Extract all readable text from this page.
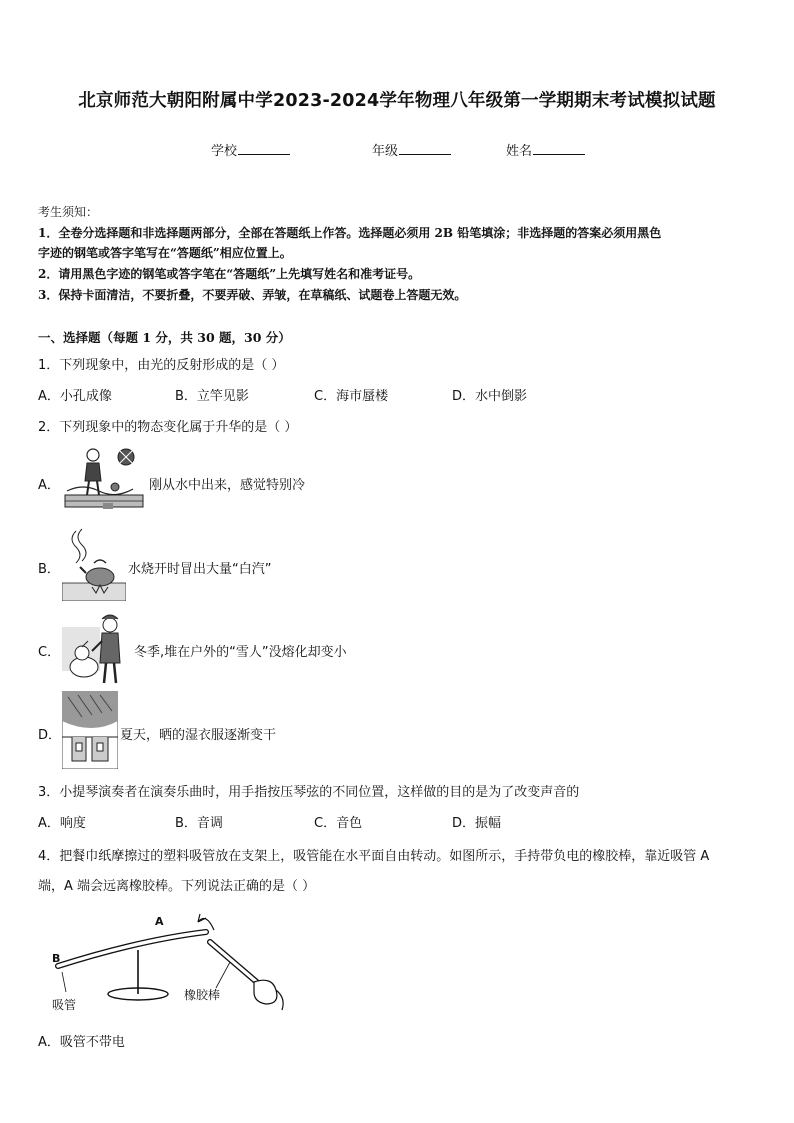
北京师范大朝阳附属中学2023-2024学年物理八年级第一学期期末考试模拟试题
学校	年级	姓名
考生须知：
1．全卷分选择题和非选择题两部分，全部在答题纸上作答。选择题必须用 2B 铅笔填涂；非选择题的答案必须用黑色
字迹的钢笔或答字笔写在“答题纸”相应位置上。
2．请用黑色字迹的钢笔或答字笔在“答题纸”上先填写姓名和准考证号。
3．保持卡面清洁，不要折叠，不要弄破、弄皱，在草稿纸、试题卷上答题无效。
一、选择题（每题 1 分，共 30 题，30 分）
1．下列现象中，由光的反射形成的是（ ）
A．小孔成像	B．立竿见影	C．海市蜃楼	D．水中倒影
2．下列现象中的物态变化属于升华的是（ ）
A．	刚从水中出来，感觉特别冷
B．	水烧开时冒出大量“白汽”
C．	冬季,堆在户外的“雪人”没熔化却变小
D．	夏天，晒的湿衣服逐渐变干
3．小提琴演奏者在演奏乐曲时，用手指按压琴弦的不同位置，这样做的目的是为了改变声音的
A．响度	B．音调	C．音色	D．振幅
4．把餐巾纸摩擦过的塑料吸管放在支架上，吸管能在水平面自由转动。如图所示，手持带负电的橡胶棒，靠近吸管 A
端，A 端会远离橡胶棒。下列说法正确的是（ ）
A
B
吸管
橡胶棒
A．吸管不带电
